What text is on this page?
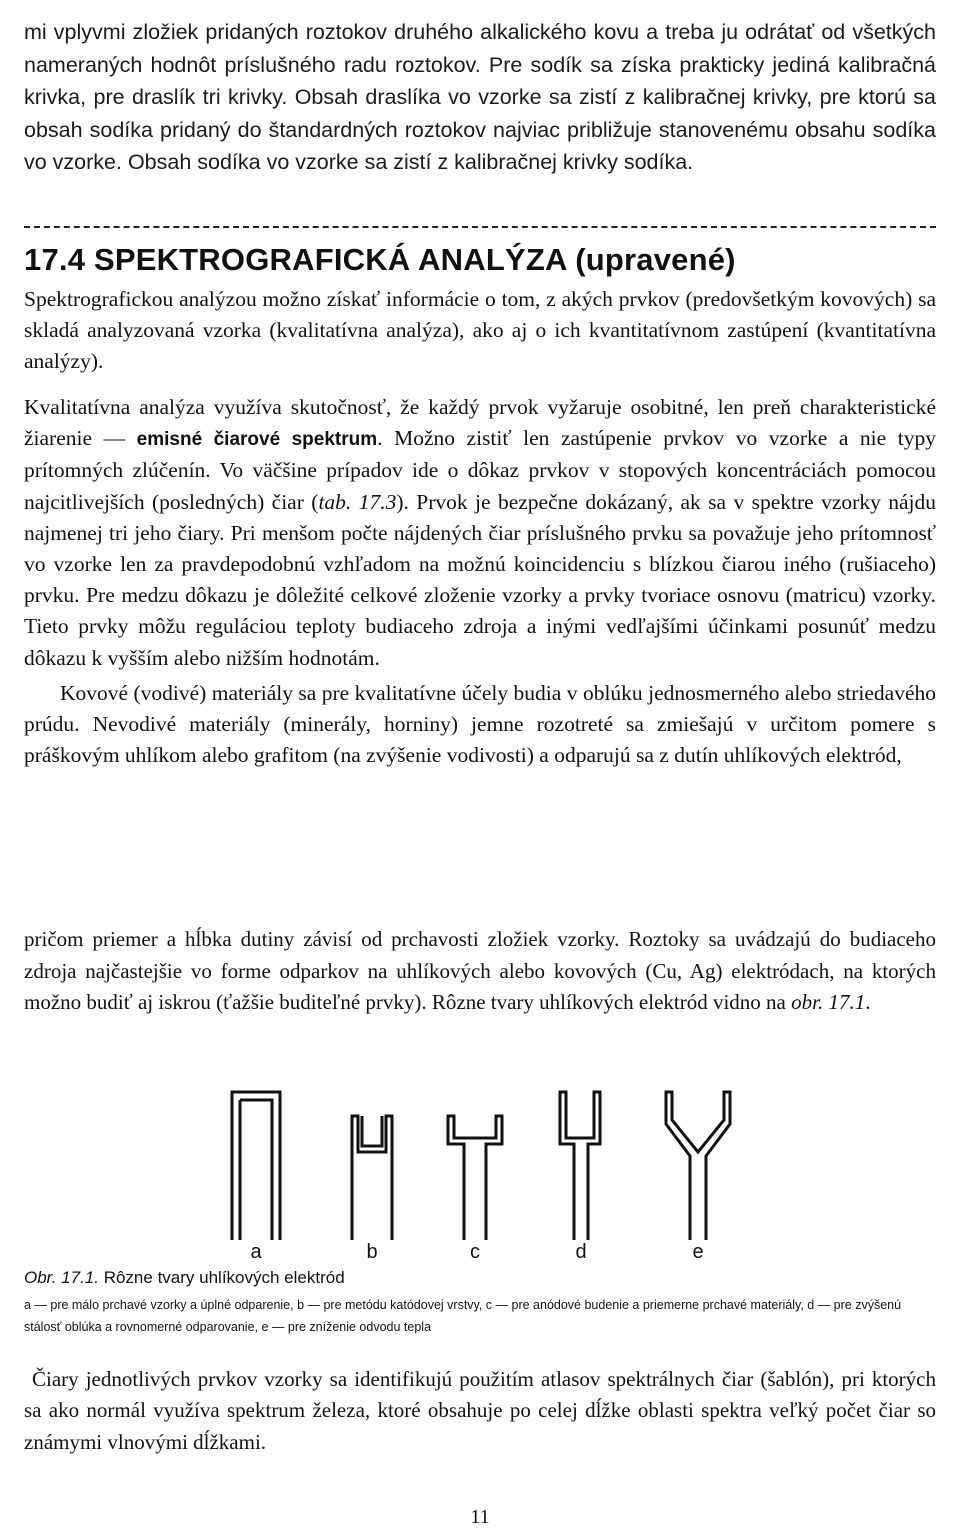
mi vplyvmi zložiek pridaných roztokov druhého alkalického kovu a treba ju odrátať od všetkých nameraných hodnôt príslušného radu roztokov. Pre sodík sa získa prakticky jediná kalibračná krivka, pre draslík tri krivky. Obsah draslíka vo vzorke sa zistí z kalibračnej krivky, pre ktorú sa obsah sodíka pridaný do štandardných roztokov najviac približuje stanovenému obsahu sodíka vo vzorke. Obsah sodíka vo vzorke sa zistí z kalibračnej krivky sodíka.

17.4 SPEKTROGRAFICKÁ ANALÝZA (upravené)

Spektrografickou analýzou možno získať informácie o tom, z akých prvkov (predovšetkým kovových) sa skladá analyzovaná vzorka (kvalitatívna analýza), ako aj o ich kvantitatívnom zastúpení (kvantitatívna analýzy).

Kvalitatívna analýza využíva skutočnosť, že každý prvok vyžaruje osobitné, len preň charakteristické žiarenie — emisné čiarové spektrum. Možno zistiť len zastúpenie prvkov vo vzorke a nie typy prítomných zlúčenín. Vo väčšine prípadov ide o dôkaz prvkov v stopových koncentráciách pomocou najcitlivejších (posledných) čiar (tab. 17.3). Prvok je bezpečne dokázaný, ak sa v spektre vzorky nájdu najmenej tri jeho čiary. Pri menšom počte nájdených čiar príslušného prvku sa považuje jeho prítomnosť vo vzorke len za pravdepodobnú vzhľadom na možnú koincidenciu s blízkou čiarou iného (rušiaceho) prvku. Pre medzu dôkazu je dôležité celkové zloženie vzorky a prvky tvoriace osnovu (matricu) vzorky. Tieto prvky môžu reguláciou teploty budiaceho zdroja a inými vedľajšími účinkami posunúť medzu dôkazu k vyšším alebo nižším hodnotám.

Kovové (vodivé) materiály sa pre kvalitatívne účely budia v oblúku jednosmerného alebo striedavého prúdu. Nevodivé materiály (minerály, horniny) jemne rozotreté sa zmiešajú v určitom pomere s práškovým uhlíkom alebo grafitom (na zvýšenie vodivosti) a odparujú sa z dutín uhlíkových elektród,

pričom priemer a hĺbka dutiny závisí od prchavosti zložiek vzorky. Roztoky sa uvádzajú do budiaceho zdroja najčastejšie vo forme odparkov na uhlíkových alebo kovových (Cu, Ag) elektródach, na ktorých možno budiť aj iskrou (ťažšie buditeľné prvky). Rôzne tvary uhlíkových elektród vidno na obr. 17.1.

a	b	c	d	e
Obr. 17.1. Rôzne tvary uhlíkových elektród
a — pre málo prchavé vzorky a úplné odparenie, b — pre metódu katódovej vrstvy, c — pre anódové budenie a priemerne prchavé materiály, d — pre zvýšenú stálosť oblúka a rovnomerné odparovanie, e — pre zníženie odvodu tepla

Čiary jednotlivých prvkov vzorky sa identifikujú použitím atlasov spektrálnych čiar (šablón), pri ktorých sa ako normál využíva spektrum železa, ktoré obsahuje po celej dĺžke oblasti spektra veľký počet čiar so známymi vlnovými dĺžkami.

11
